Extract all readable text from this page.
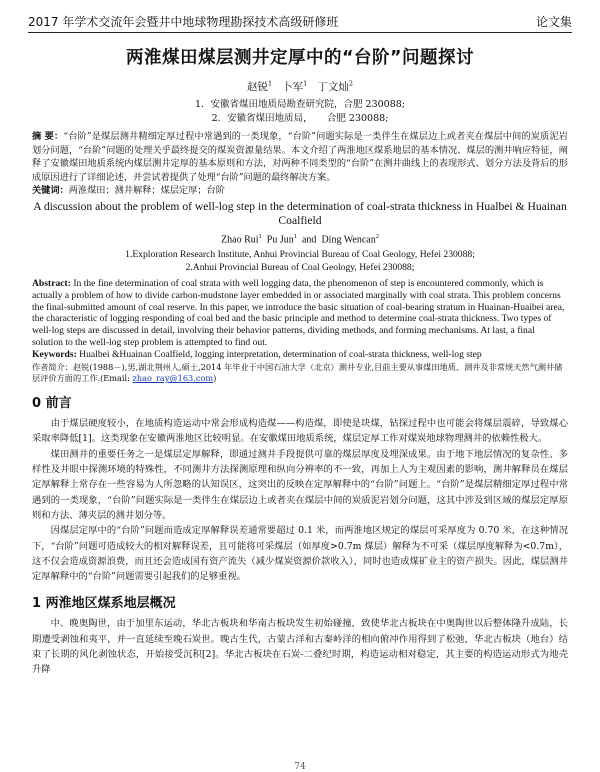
2017 年学术交流年会暨井中地球物理勘探技术高级研修班	论文集
两淮煤田煤层测井定厚中的“台阶”问题探讨
赵锐$^1$ 卜军$^1$ 丁文灿$^2$
1．安徽省煤田地质局勘查研究院，合肥 230088;
2．安徽省煤田地质局，　　合肥 230088;
摘 要：“台阶”是煤层测井精细定厚过程中常遇到的一类现象，“台阶”问题实际是一类伴生在煤层边上或者夹在煤层中间的炭质泥岩划分问题，“台阶”问题的处理关乎最终提交的煤炭资源量结果。本文介绍了两淮地区煤系地层的基本情况、煤层的测井响应特征，阐释了安徽煤田地质系统内煤层测井定厚的基本原则和方法，对两种不同类型的“台阶”在测井曲线上的表现形式、划分方法及背后的形成原因进行了详细论述，并尝试着提供了处理“台阶”问题的最终解决方案。
关键词：两淮煤田；测井解释；煤层定厚；台阶
A discussion about the problem of well-log step in the determination of coal-strata thickness in Hualbei & Huainan Coalfield
Zhao Rui$^1$ Pu Jun$^1$ and Ding Wencan$^2$
1.Exploration Research Institute, Anhui Provincial Bureau of Coal Geology, Hefei 230088;
2.Anhui Provincial Bureau of Coal Geology, Hefei 230088;
Abstract: In the fine determination of coal strata with well logging data, the phenomenon of step is encountered commonly, which is actually a problem of how to divide carbon-mudstone layer embedded in or associated marginally with coal strata. This problem concerns the final-submitted amount of coal reserve. In this paper, we introduce the basic situation of coal-bearing stratum in Huainan-Huaibei area, the characteristic of logging responding of coal bed and the basic principle and method to determine coal-strata thickness. Two types of well-log steps are discussed in detail, involving their behavior patterns, dividing methods, and forming mechanisms. At last, a final solution to the well-log step problem is attempted to find out.
Keywords: Hualbei &Huainan Coalfield, logging interpretation, determination of coal-strata thickness, well-log step
作者简介：赵锐(1988－),男,湖北荆州人,硕士,2014 年毕业于中国石油大学（北京）测井专业,目前主要从事煤田地质、测井及非常规天然气测井储层评价方面的工作.(Email: zhao_ray@163.com)
0 前言
由于煤层硬度较小，在地质构造运动中常会形成构造煤——构造煤，即使是块煤，钻探过程中也可能会将煤层震碎，导致煤心采取率降低[1]。这类现象在安徽两淮地区比较明显。在安徽煤田地质系统，煤层定厚工作对煤炭地球物理测井的依赖性极大。
煤田测井的重要任务之一是煤层定厚解释，即通过测井手段提供可靠的煤层厚度及埋深成果。由于地下地层情况的复杂性、多样性及井眼中探测环境的特殊性，不同测井方法探测原理和纵向分辨率的不一致，再加上人为主观因素的影响，测井解释员在煤层定厚解释上常存在一些容易为人所忽略的认知误区，这突出的反映在定厚解释中的“台阶”问题上。“台阶”是煤层精细定厚过程中常遇到的一类现象，“台阶”问题实际是一类伴生在煤层边上或者夹在煤层中间的炭质泥岩划分问题，这其中涉及到区域的煤层定厚原则和方法、薄夹层的测井划分等。
因煤层定厚中的“台阶”问题而造成定厚解释误差通常要超过 0.1 米，而两淮地区规定的煤层可采厚度为 0.70 米，在这种情况下，“台阶”问题可造成较大的相对解释误差，且可能将可采煤层（如厚度>0.7m 煤层）解释为不可采（煤层厚度解释为<0.7m），这不仅会造成资源浪费，而且还会造成国有资产流失（减少煤炭资源价款收入），同时也造成煤矿业主的资产损失。因此，煤层测井定厚解释中的“台阶”问题需要引起我们的足够重视。
1 两淮地区煤系地层概况
中、晚奥陶世，由于加里东运动，华北古板块和华南古板块发生初始碰撞，致使华北古板块在中奥陶世以后整体隆升成陆，长期遭受剥蚀和夷平，并一直延续至晚石炭世。晚古生代，古蒙古洋和古秦岭洋的相向俯冲作用得到了松弛，华北古板块（地台）结束了长期的风化剥蚀状态，开始接受沉积[2]。华北古板块在石炭-二叠纪时期，构造运动相对稳定，其主要的构造运动形式为地壳升降
74
